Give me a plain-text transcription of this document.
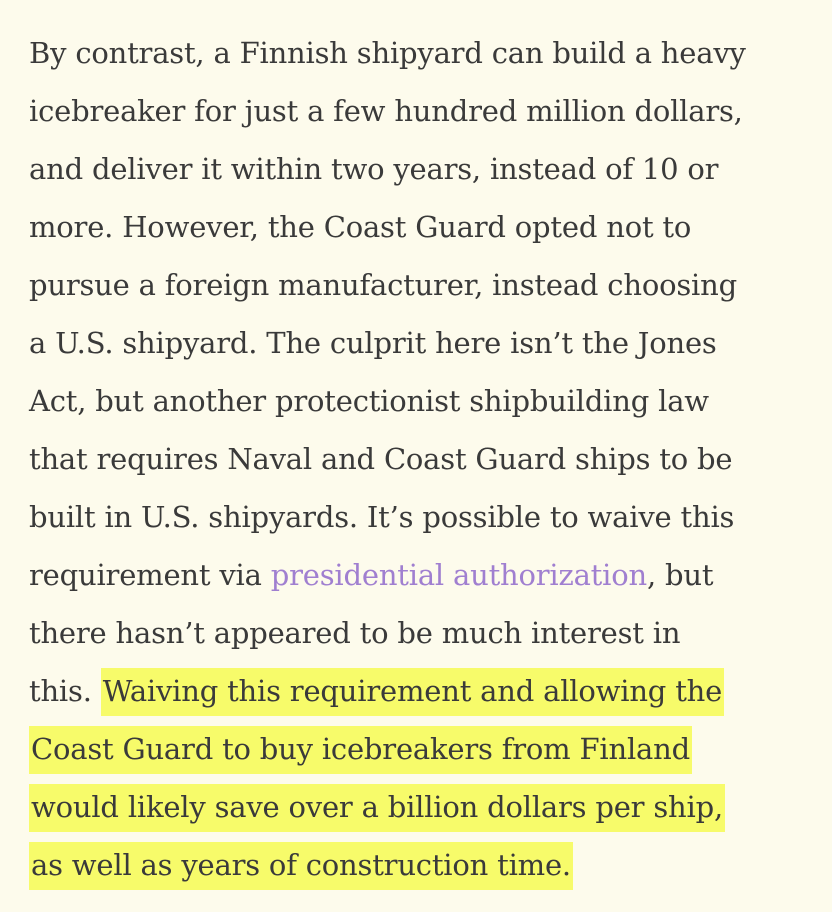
By contrast, a Finnish shipyard can build a heavy
icebreaker for just a few hundred million dollars,
and deliver it within two years, instead of 10 or
more. However, the Coast Guard opted not to
pursue a foreign manufacturer, instead choosing
a U.S. shipyard. The culprit here isn’t the Jones
Act, but another protectionist shipbuilding law
that requires Naval and Coast Guard ships to be
built in U.S. shipyards. It’s possible to waive this
requirement via presidential authorization, but
there hasn’t appeared to be much interest in
this. Waiving this requirement and allowing the
Coast Guard to buy icebreakers from Finland
would likely save over a billion dollars per ship,
as well as years of construction time.
